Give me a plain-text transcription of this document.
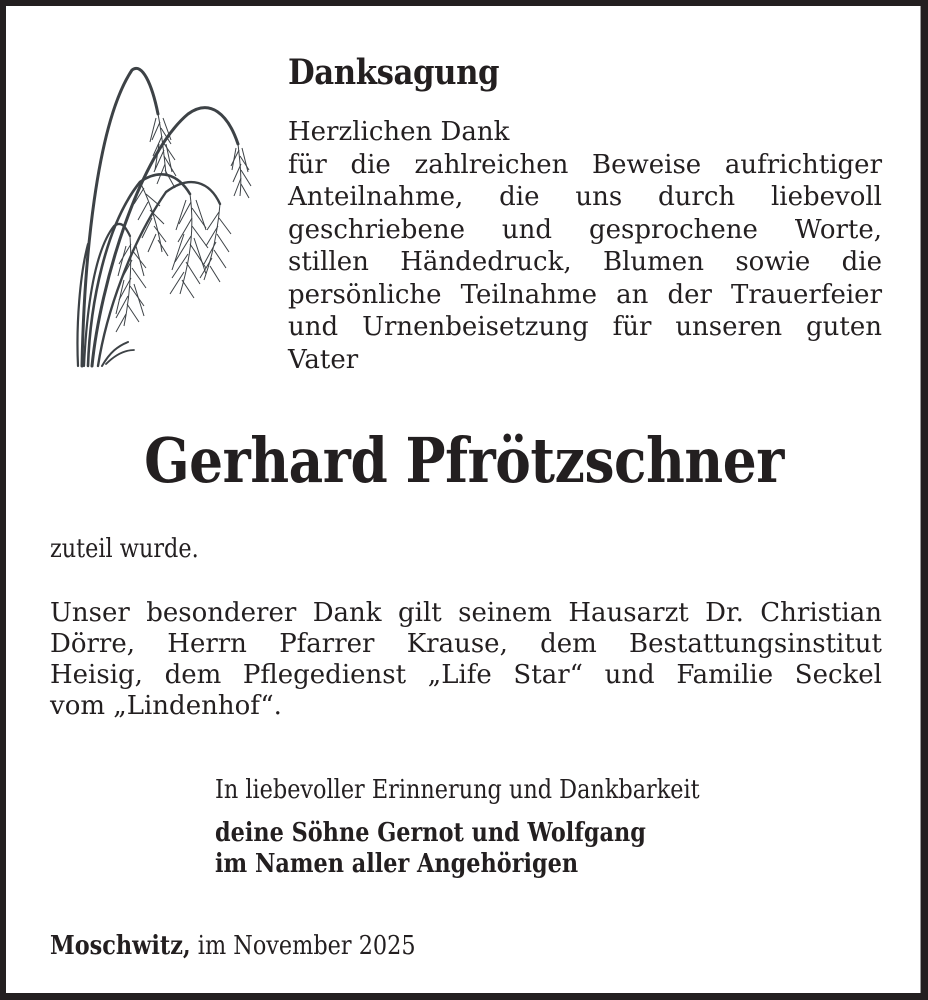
Danksagung
Herzlichen Dank
für die zahlreichen Beweise aufrichtiger
Anteilnahme, die uns durch liebevoll
geschriebene und gesprochene Worte,
stillen Händedruck, Blumen sowie die
persönliche Teilnahme an der Trauerfeier
und Urnenbeisetzung für unseren guten
Vater
Gerhard Pfrötzschner
zuteil wurde.
Unser besonderer Dank gilt seinem Hausarzt Dr. Christian
Dörre, Herrn Pfarrer Krause, dem Bestattungsinstitut
Heisig, dem Pflegedienst „Life Star“ und Familie Seckel
vom „Lindenhof“.
In liebevoller Erinnerung und Dankbarkeit
deine Söhne Gernot und Wolfgang
im Namen aller Angehörigen
Moschwitz, im November 2025
